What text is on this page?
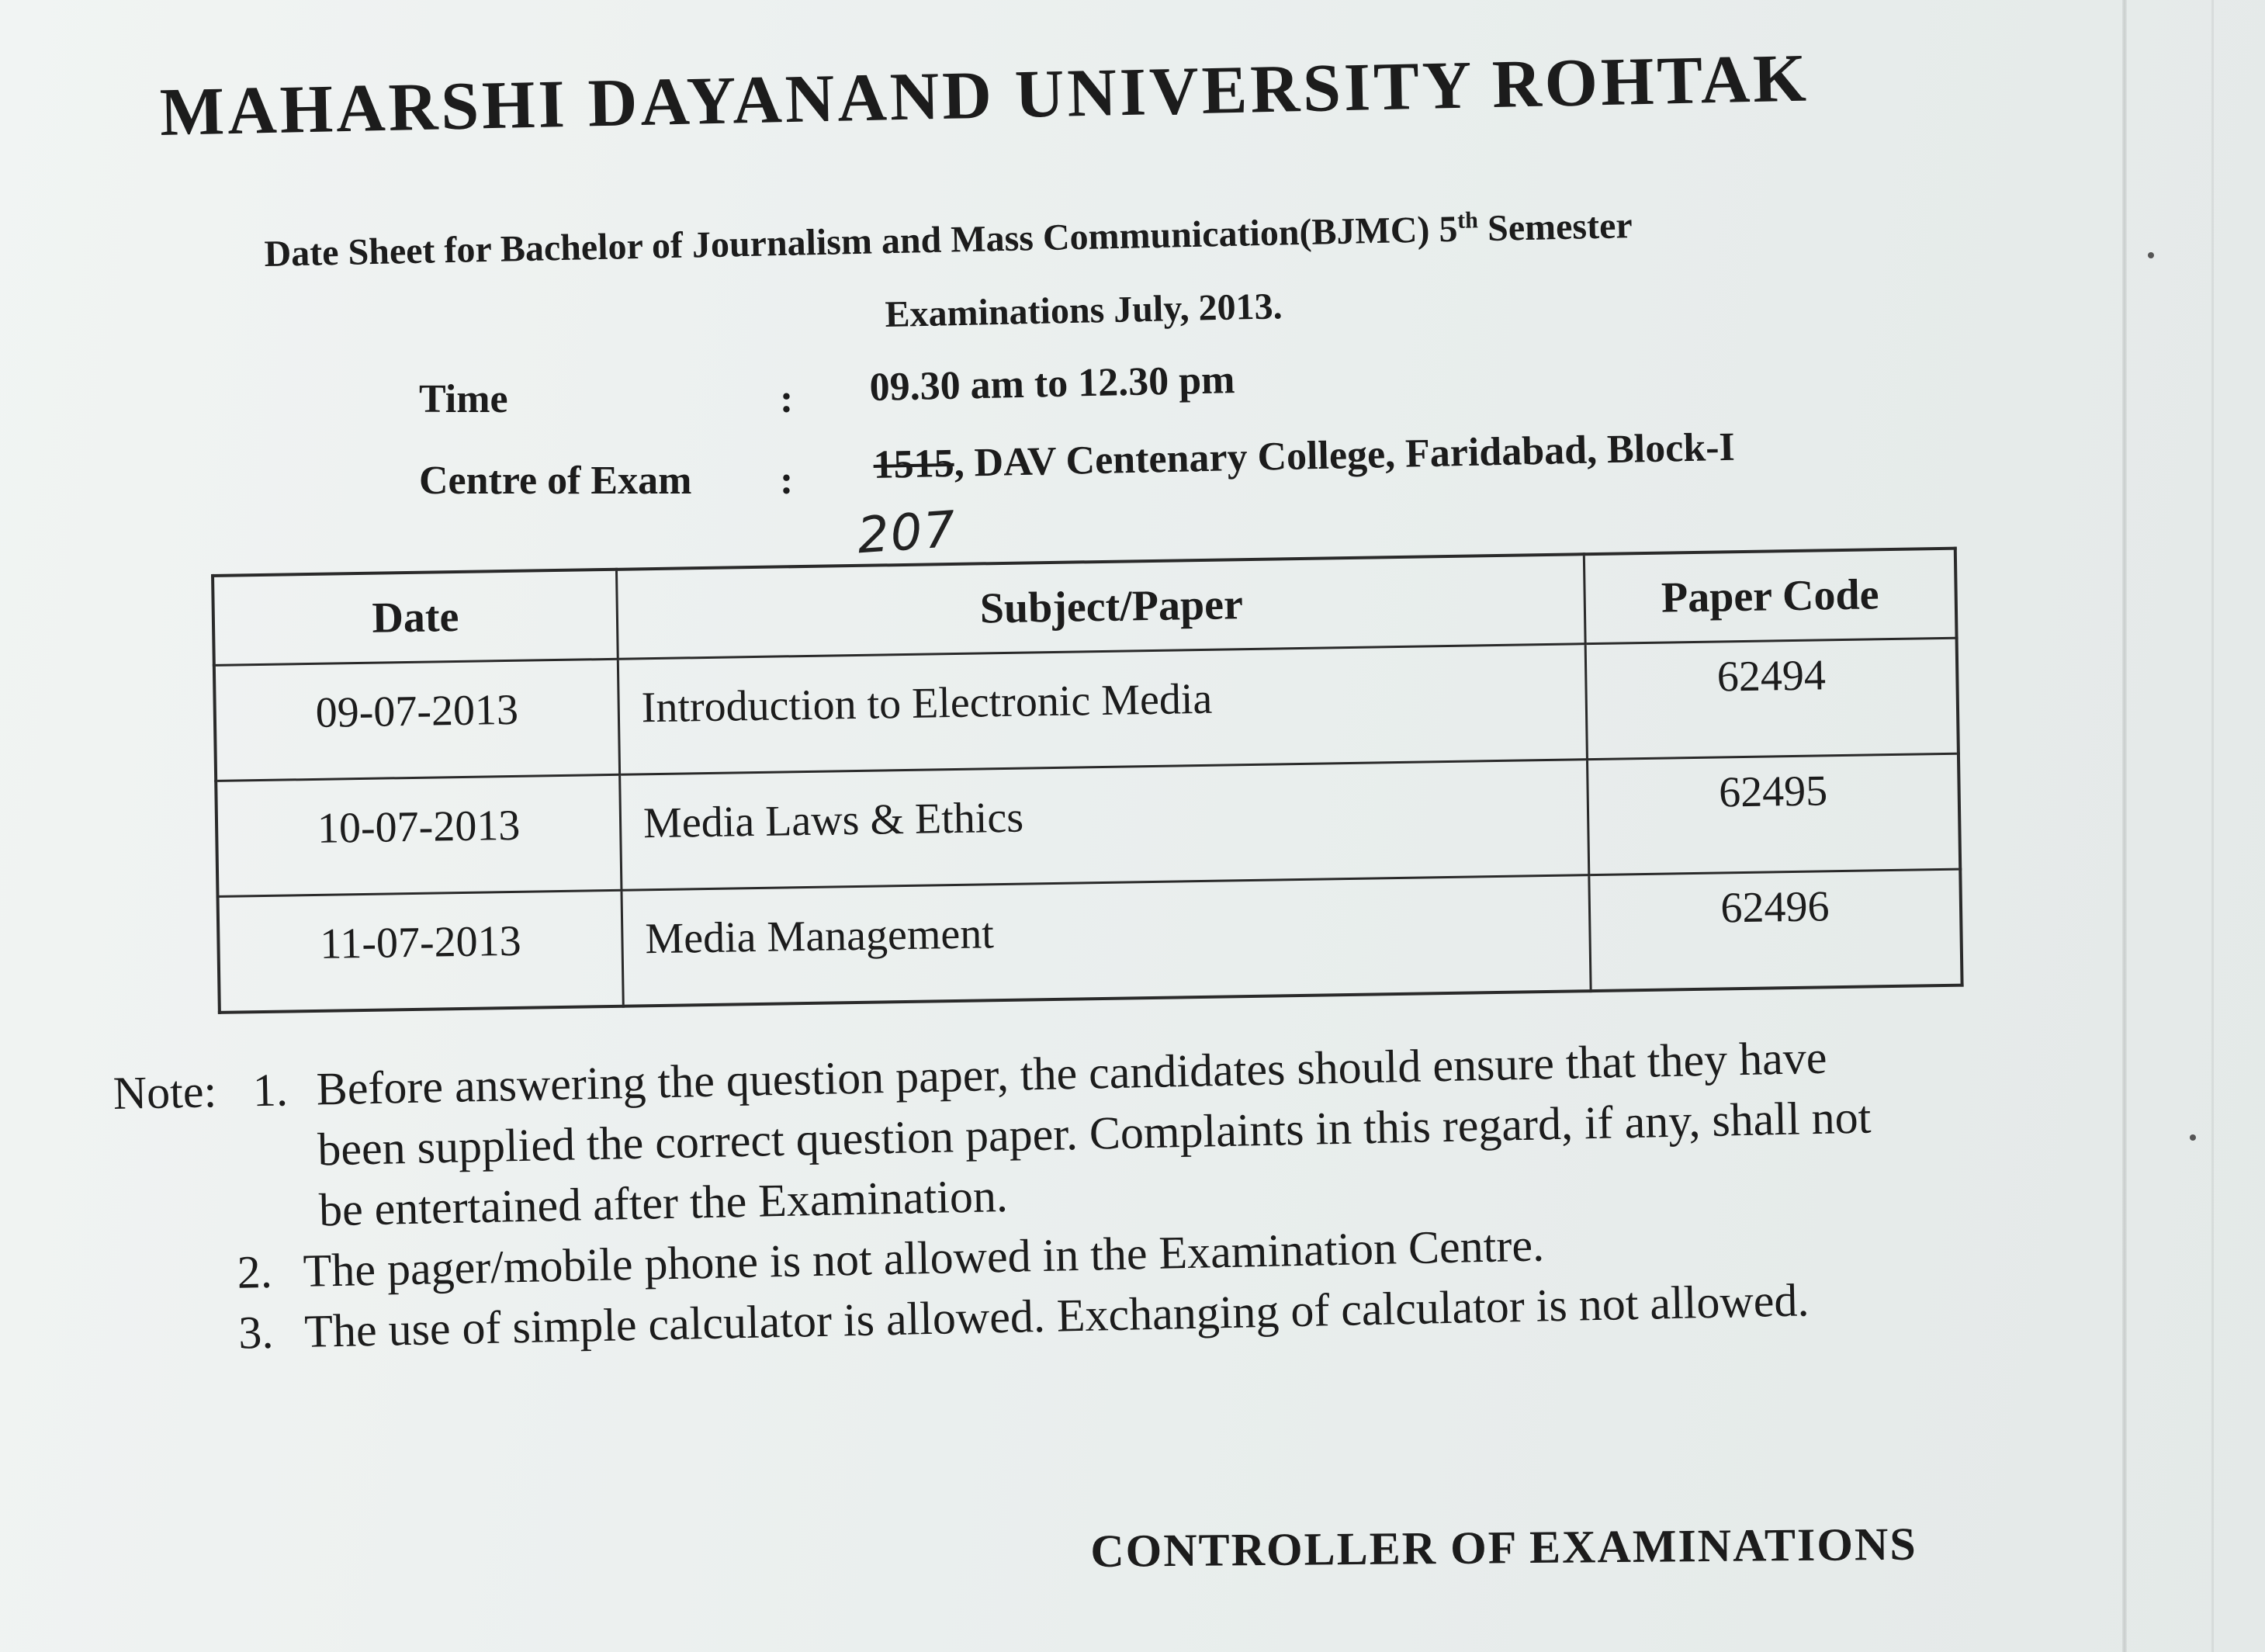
MAHARSHI DAYANAND UNIVERSITY ROHTAK
Date Sheet for Bachelor of Journalism and Mass Communication(BJMC) 5th Semester
Examinations July, 2013.
Time	: 09.30 am to 12.30 pm
Centre of Exam : 1515, DAV Centenary College, Faridabad, Block-I
207
Date	Subject/Paper	Paper Code
09-07-2013	Introduction to Electronic Media	62494
10-07-2013	Media Laws & Ethics	62495
11-07-2013	Media Management	62496
Note: 1. Before answering the question paper, the candidates should ensure that they have
been supplied the correct question paper. Complaints in this regard, if any, shall not
be entertained after the Examination.
2. The pager/mobile phone is not allowed in the Examination Centre.
3. The use of simple calculator is allowed. Exchanging of calculator is not allowed.
CONTROLLER OF EXAMINATIONS
